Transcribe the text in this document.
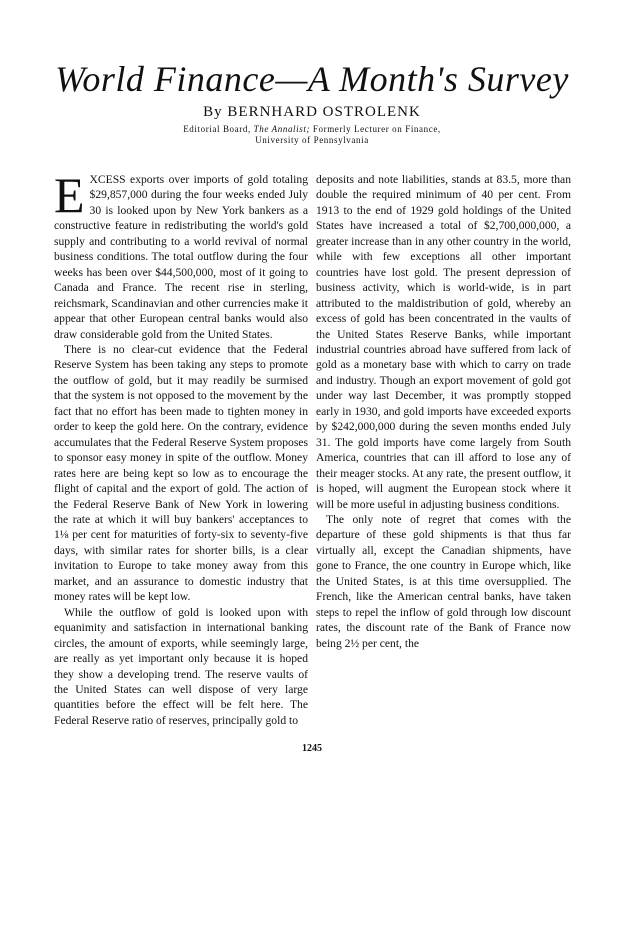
World Finance—A Month's Survey
By BERNHARD OSTROLENK
Editorial Board, The Annalist; Formerly Lecturer on Finance,
University of Pennsylvania

EXCESS exports over imports of gold totaling $29,857,000 during the four weeks ended July 30 is looked upon by New York bankers as a constructive feature in redistributing the world's gold supply and contributing to a world revival of normal business conditions. The total outflow during the four weeks has been over $44,500,000, most of it going to Canada and France. The recent rise in sterling, reichsmark, Scandinavian and other currencies make it appear that other European central banks would also draw considerable gold from the United States.

There is no clear-cut evidence that the Federal Reserve System has been taking any steps to promote the outflow of gold, but it may readily be surmised that the system is not opposed to the movement by the fact that no effort has been made to tighten money in order to keep the gold here. On the contrary, evidence accumulates that the Federal Reserve System proposes to sponsor easy money in spite of the outflow. Money rates here are being kept so low as to encourage the flight of capital and the export of gold. The action of the Federal Reserve Bank of New York in lowering the rate at which it will buy bankers' acceptances to 1⅛ per cent for maturities of forty-six to seventy-five days, with similar rates for shorter bills, is a clear invitation to Europe to take money away from this market, and an assurance to domestic industry that money rates will be kept low.

While the outflow of gold is looked upon with equanimity and satisfaction in international banking circles, the amount of exports, while seemingly large, are really as yet important only because it is hoped they show a developing trend. The reserve vaults of the United States can well dispose of very large quantities before the effect will be felt here. The Federal Reserve ratio of reserves, principally gold to

deposits and note liabilities, stands at 83.5, more than double the required minimum of 40 per cent. From 1913 to the end of 1929 gold holdings of the United States have increased a total of $2,700,000,000, a greater increase than in any other country in the world, while with few exceptions all other important countries have lost gold. The present depression of business activity, which is world-wide, is in part attributed to the maldistribution of gold, whereby an excess of gold has been concentrated in the vaults of the United States Reserve Banks, while important industrial countries abroad have suffered from lack of gold as a monetary base with which to carry on trade and industry. Though an export movement of gold got under way last December, it was promptly stopped early in 1930, and gold imports have exceeded exports by $242,000,000 during the seven months ended July 31. The gold imports have come largely from South America, countries that can ill afford to lose any of their meager stocks. At any rate, the present outflow, it is hoped, will augment the European stock where it will be more useful in adjusting business conditions.

The only note of regret that comes with the departure of these gold shipments is that thus far virtually all, except the Canadian shipments, have gone to France, the one country in Europe which, like the United States, is at this time oversupplied. The French, like the American central banks, have taken steps to repel the inflow of gold through low discount rates, the discount rate of the Bank of France now being 2½ per cent, the

1245
